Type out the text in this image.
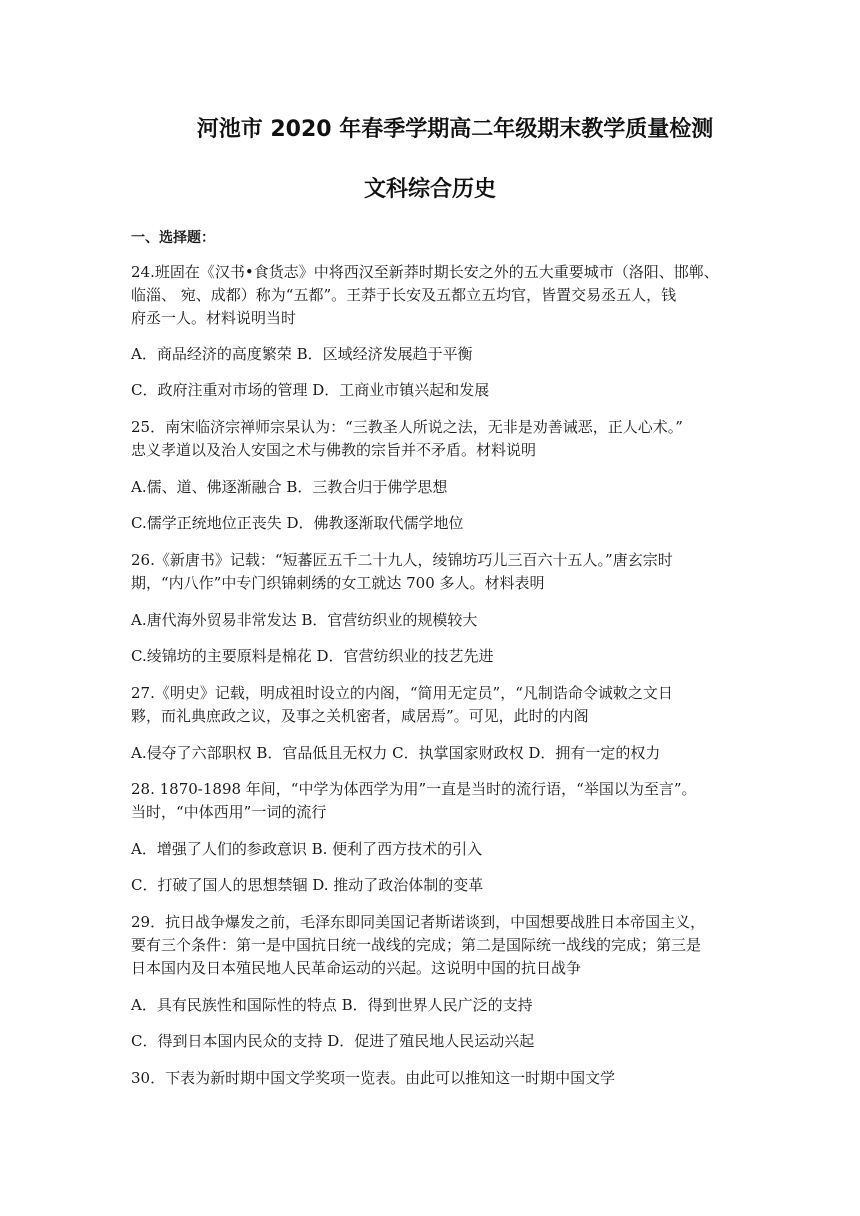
河池市 2020 年春季学期高二年级期末教学质量检测
文科综合历史
一、选择题：
24.班固在《汉书•食货志》中将西汉至新莽时期长安之外的五大重要城市（洛阳、邯郸、
临淄、 宛、成都）称为“五都”。王莽于长安及五都立五均官，皆置交易丞五人，钱
府丞一人。材料说明当时
A．商品经济的高度繁荣 B．区域经济发展趋于平衡
C．政府注重对市场的管理 D．工商业市镇兴起和发展
25．南宋临济宗禅师宗杲认为：“三教圣人所说之法，无非是劝善诫恶，正人心术。”
忠义孝道以及治人安国之术与佛教的宗旨并不矛盾。材料说明
A.儒、道、佛逐渐融合 B．三教合归于佛学思想
C.儒学正统地位正丧失 D．佛教逐渐取代儒学地位
26.《新唐书》记载：“短蕃匠五千二十九人，绫锦坊巧儿三百六十五人。”唐玄宗时
期，“内八作”中专门织锦刺绣的女工就达 700 多人。材料表明
A.唐代海外贸易非常发达 B．官营纺织业的规模较大
C.绫锦坊的主要原料是棉花 D．官营纺织业的技艺先进
27.《明史》记载，明成祖时设立的内阁，“简用无定员”，“凡制诰命令诚敕之文日
夥，而礼典庶政之议，及事之关机密者，咸居焉”。可见，此时的内阁
A.侵夺了六部职权 B．官品低且无权力 C．执掌国家财政权 D．拥有一定的权力
28. 1870-1898 年间，“中学为体西学为用”一直是当时的流行语，“举国以为至言”。
当时，“中体西用”一词的流行
A．增强了人们的参政意识 B. 便利了西方技术的引入
C．打破了国人的思想禁锢 D. 推动了政治体制的变革
29．抗日战争爆发之前，毛泽东即同美国记者斯诺谈到，中国想要战胜日本帝国主义，
要有三个条件：第一是中国抗日统一战线的完成；第二是国际统一战线的完成；第三是
日本国内及日本殖民地人民革命运动的兴起。这说明中国的抗日战争
A．具有民族性和国际性的特点 B．得到世界人民广泛的支持
C．得到日本国内民众的支持 D．促进了殖民地人民运动兴起
30．下表为新时期中国文学奖项一览表。由此可以推知这一时期中国文学
